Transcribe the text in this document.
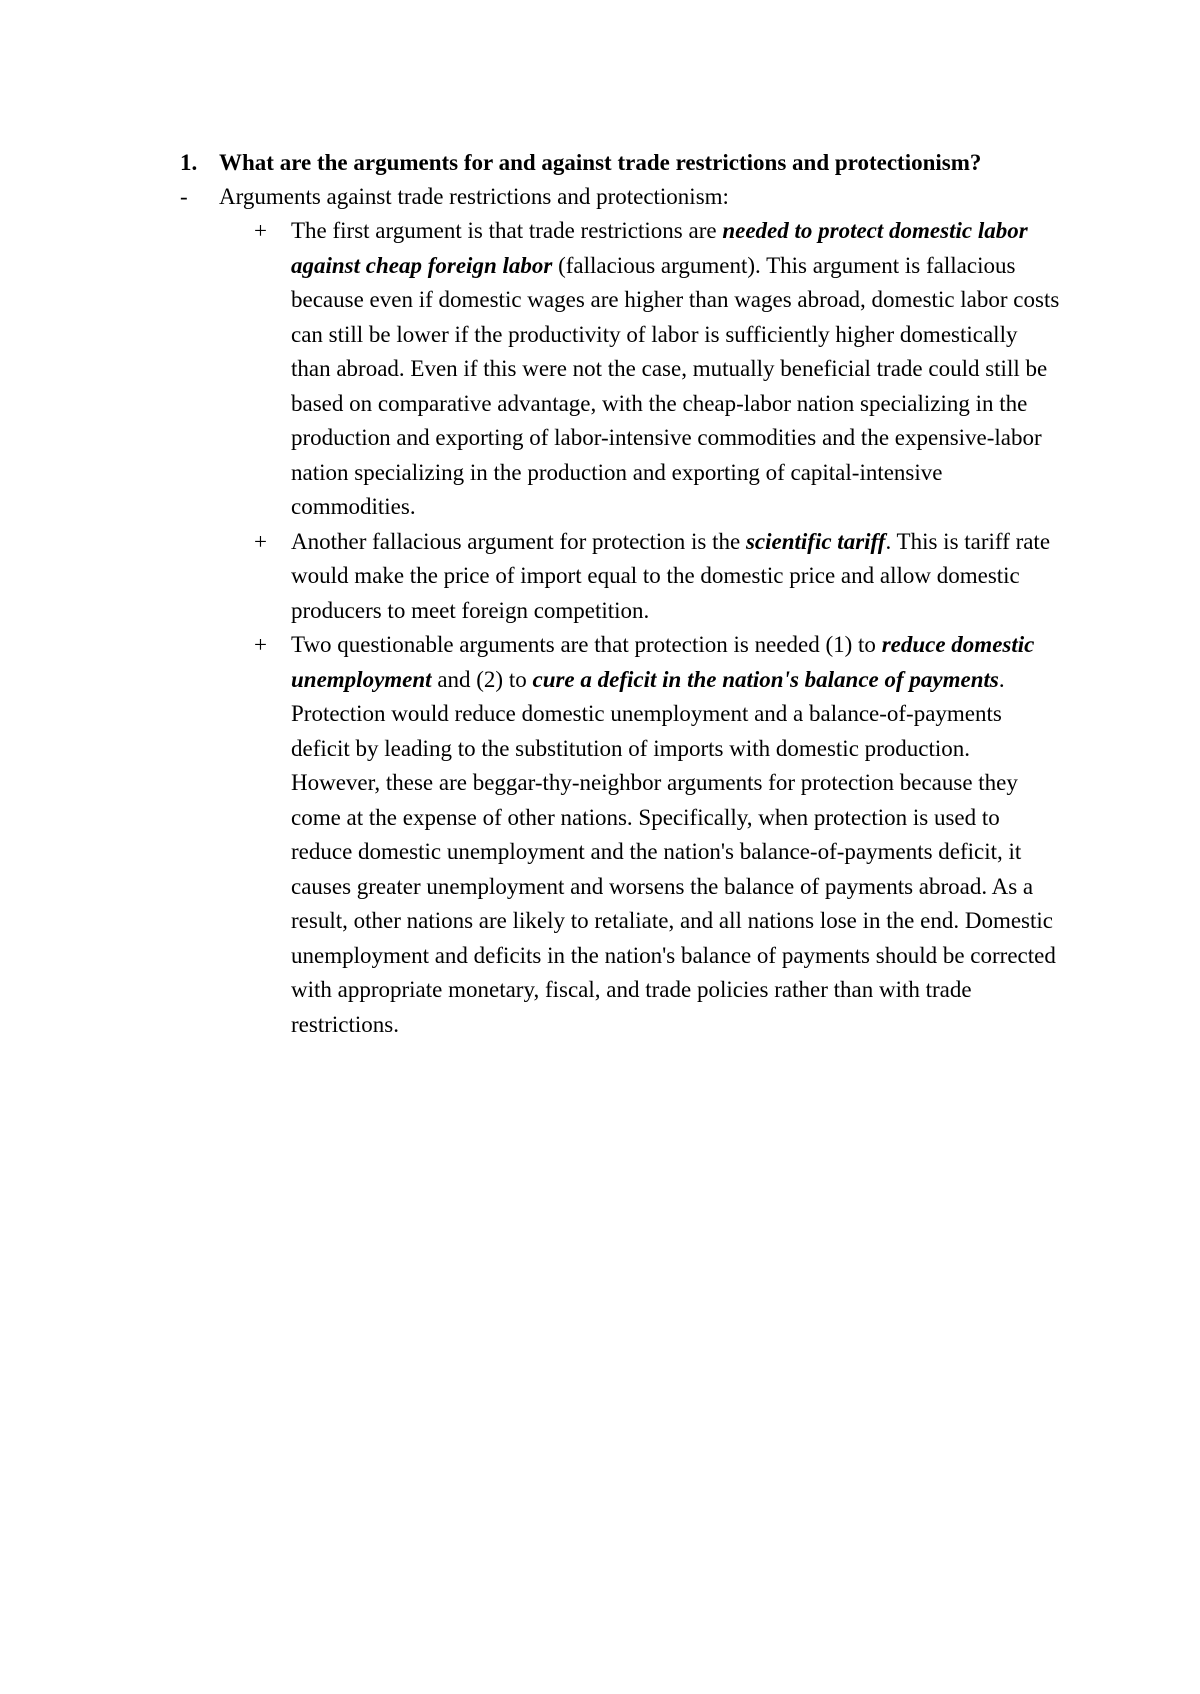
1. What are the arguments for and against trade restrictions and protectionism?
-	Arguments against trade restrictions and protectionism:
+	The first argument is that trade restrictions are needed to protect domestic labor against cheap foreign labor (fallacious argument). This argument is fallacious because even if domestic wages are higher than wages abroad, domestic labor costs can still be lower if the productivity of labor is sufficiently higher domestically than abroad. Even if this were not the case, mutually beneficial trade could still be based on comparative advantage, with the cheap-labor nation specializing in the production and exporting of labor-intensive commodities and the expensive-labor nation specializing in the production and exporting of capital-intensive commodities.
+	Another fallacious argument for protection is the scientific tariff. This is tariff rate would make the price of import equal to the domestic price and allow domestic producers to meet foreign competition.
+	Two questionable arguments are that protection is needed (1) to reduce domestic unemployment and (2) to cure a deficit in the nation's balance of payments. Protection would reduce domestic unemployment and a balance-of-payments deficit by leading to the substitution of imports with domestic production. However, these are beggar-thy-neighbor arguments for protection because they come at the expense of other nations. Specifically, when protection is used to reduce domestic unemployment and the nation's balance-of-payments deficit, it causes greater unemployment and worsens the balance of payments abroad. As a result, other nations are likely to retaliate, and all nations lose in the end. Domestic unemployment and deficits in the nation's balance of payments should be corrected with appropriate monetary, fiscal, and trade policies rather than with trade restrictions.
